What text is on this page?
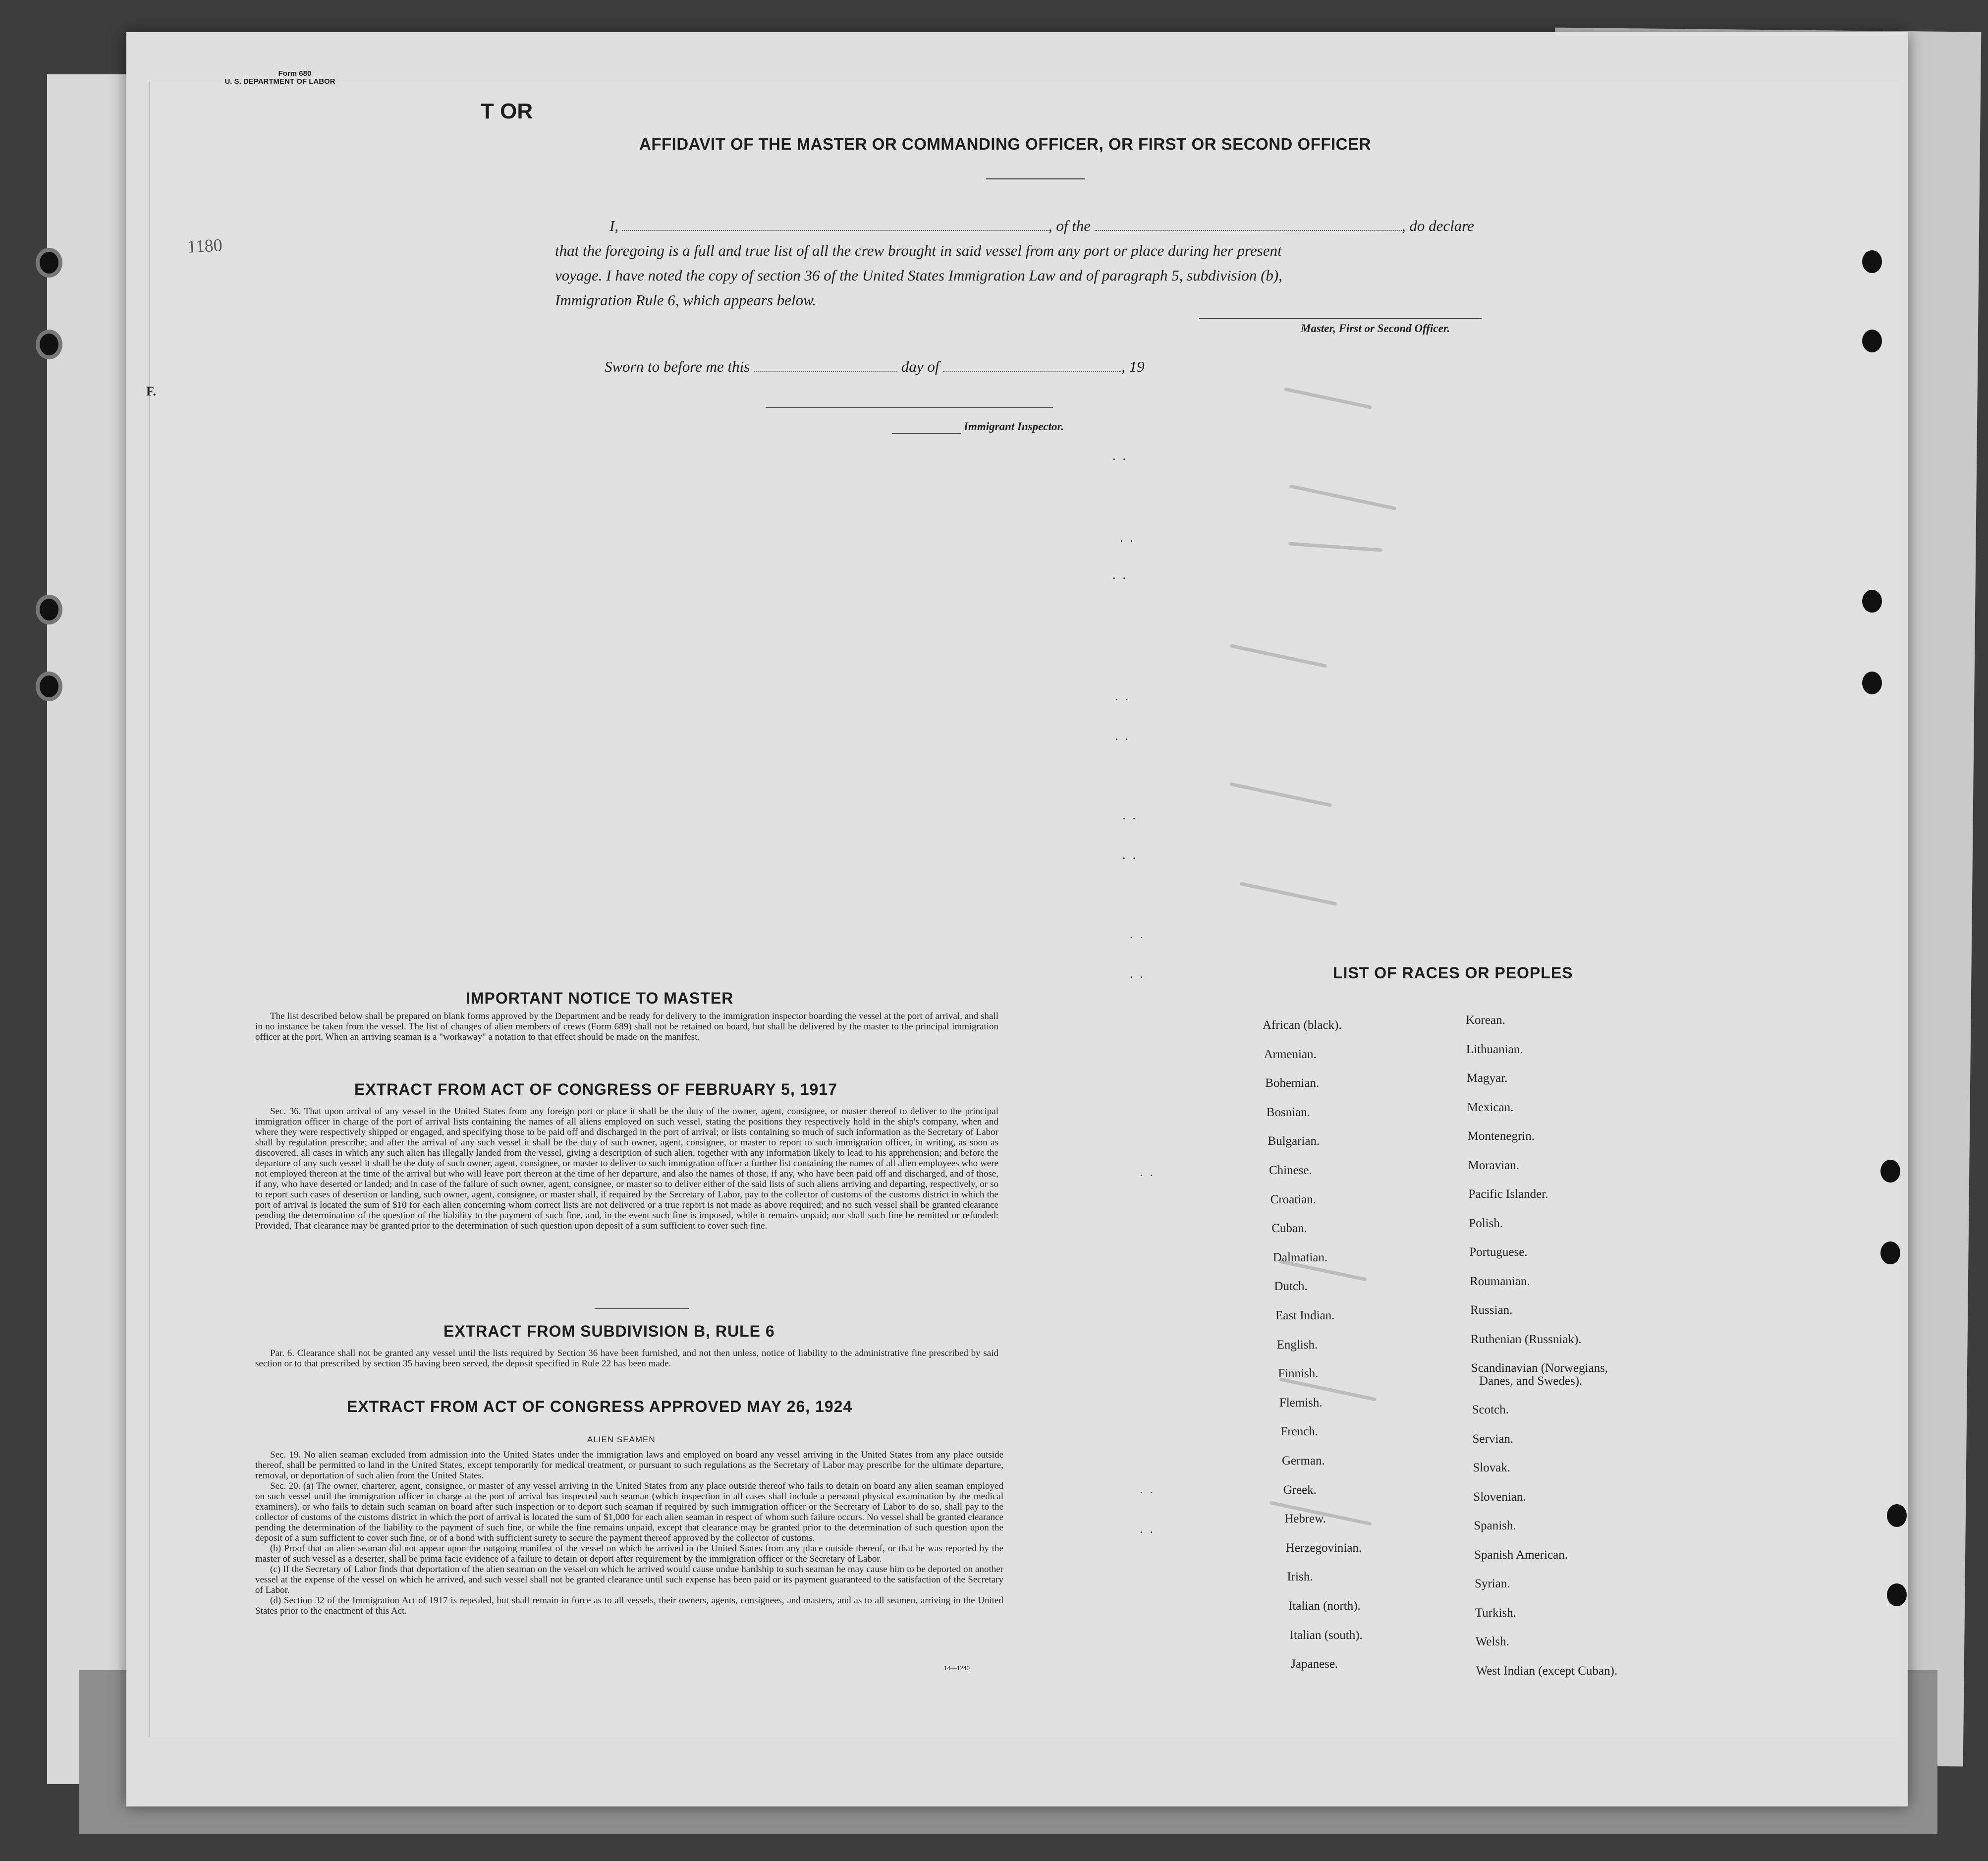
Form 680
U. S. DEPARTMENT OF LABOR
T OR
1180
F.
AFFIDAVIT OF THE MASTER OR COMMANDING OFFICER, OR FIRST OR SECOND OFFICER
I,	, of the	, do declare
that the foregoing is a full and true list of all the crew brought in said vessel from any port or place during her present
voyage. I have noted the copy of section 36 of the United States Immigration Law and of paragraph 5, subdivision (b),
Immigration Rule 6, which appears below.
Master, First or Second Officer.
Sworn to before me this	day of	, 19
Immigrant Inspector.
..
..
..
..
..
..
..
..
..
..
..
..
IMPORTANT NOTICE TO MASTER

The list described below shall be prepared on blank forms approved by the Department and be ready for delivery to the immigration inspector boarding the vessel at the port of arrival, and shall in no instance be taken from the vessel. The list of changes of alien members of crews (Form 689) shall not be retained on board, but shall be delivered by the master to the principal immigration officer at the port. When an arriving seaman is a "workaway" a notation to that effect should be made on the manifest.

EXTRACT FROM ACT OF CONGRESS OF FEBRUARY 5, 1917

Sec. 36. That upon arrival of any vessel in the United States from any foreign port or place it shall be the duty of the owner, agent, consignee, or master thereof to deliver to the principal immigration officer in charge of the port of arrival lists containing the names of all aliens employed on such vessel, stating the positions they respectively hold in the ship's company, when and where they were respectively shipped or engaged, and specifying those to be paid off and discharged in the port of arrival; or lists containing so much of such information as the Secretary of Labor shall by regulation prescribe; and after the arrival of any such vessel it shall be the duty of such owner, agent, consignee, or master to report to such immigration officer, in writing, as soon as discovered, all cases in which any such alien has illegally landed from the vessel, giving a description of such alien, together with any information likely to lead to his apprehension; and before the departure of any such vessel it shall be the duty of such owner, agent, consignee, or master to deliver to such immigration officer a further list containing the names of all alien employees who were not employed thereon at the time of the arrival but who will leave port thereon at the time of her departure, and also the names of those, if any, who have been paid off and discharged, and of those, if any, who have deserted or landed; and in case of the failure of such owner, agent, consignee, or master so to deliver either of the said lists of such aliens arriving and departing, respectively, or so to report such cases of desertion or landing, such owner, agent, consignee, or master shall, if required by the Secretary of Labor, pay to the collector of customs of the customs district in which the port of arrival is located the sum of $10 for each alien concerning whom correct lists are not delivered or a true report is not made as above required; and no such vessel shall be granted clearance pending the determination of the question of the liability to the payment of such fine, and, in the event such fine is imposed, while it remains unpaid; nor shall such fine be remitted or refunded: Provided, That clearance may be granted prior to the determination of such question upon deposit of a sum sufficient to cover such fine.

EXTRACT FROM SUBDIVISION B, RULE 6

Par. 6. Clearance shall not be granted any vessel until the lists required by Section 36 have been furnished, and not then unless, notice of liability to the administrative fine prescribed by said section or to that prescribed by section 35 having been served, the deposit specified in Rule 22 has been made.

EXTRACT FROM ACT OF CONGRESS APPROVED MAY 26, 1924
ALIEN SEAMEN

Sec. 19. No alien seaman excluded from admission into the United States under the immigration laws and employed on board any vessel arriving in the United States from any place outside thereof, shall be permitted to land in the United States, except temporarily for medical treatment, or pursuant to such regulations as the Secretary of Labor may prescribe for the ultimate departure, removal, or deportation of such alien from the United States.

Sec. 20. (a) The owner, charterer, agent, consignee, or master of any vessel arriving in the United States from any place outside thereof who fails to detain on board any alien seaman employed on such vessel until the immigration officer in charge at the port of arrival has inspected such seaman (which inspection in all cases shall include a personal physical examination by the medical examiners), or who fails to detain such seaman on board after such inspection or to deport such seaman if required by such immigration officer or the Secretary of Labor to do so, shall pay to the collector of customs of the customs district in which the port of arrival is located the sum of $1,000 for each alien seaman in respect of whom such failure occurs. No vessel shall be granted clearance pending the determination of the liability to the payment of such fine, or while the fine remains unpaid, except that clearance may be granted prior to the determination of such question upon the deposit of a sum sufficient to cover such fine, or of a bond with sufficient surety to secure the payment thereof approved by the collector of customs.

(b) Proof that an alien seaman did not appear upon the outgoing manifest of the vessel on which he arrived in the United States from any place outside thereof, or that he was reported by the master of such vessel as a deserter, shall be prima facie evidence of a failure to detain or deport after requirement by the immigration officer or the Secretary of Labor.

(c) If the Secretary of Labor finds that deportation of the alien seaman on the vessel on which he arrived would cause undue hardship to such seaman he may cause him to be deported on another vessel at the expense of the vessel on which he arrived, and such vessel shall not be granted clearance until such expense has been paid or its payment guaranteed to the satisfaction of the Secretary of Labor.

(d) Section 32 of the Immigration Act of 1917 is repealed, but shall remain in force as to all vessels, their owners, agents, consignees, and masters, and as to all seamen, arriving in the United States prior to the enactment of this Act.

14—1240
LIST OF RACES OR PEOPLES
African (black).
Armenian.
Bohemian.
Bosnian.
Bulgarian.
Chinese.
Croatian.
Cuban.
Dalmatian.
Dutch.
East Indian.
English.
Finnish.
Flemish.
French.
German.
Greek.
Hebrew.
Herzegovinian.
Irish.
Italian (north).
Italian (south).
Japanese.
Korean.
Lithuanian.
Magyar.
Mexican.
Montenegrin.
Moravian.
Pacific Islander.
Polish.
Portuguese.
Roumanian.
Russian.
Ruthenian (Russniak).
Scandinavian (Norwegians,
Danes, and Swedes).
Scotch.
Servian.
Slovak.
Slovenian.
Spanish.
Spanish American.
Syrian.
Turkish.
Welsh.
West Indian (except Cuban).
